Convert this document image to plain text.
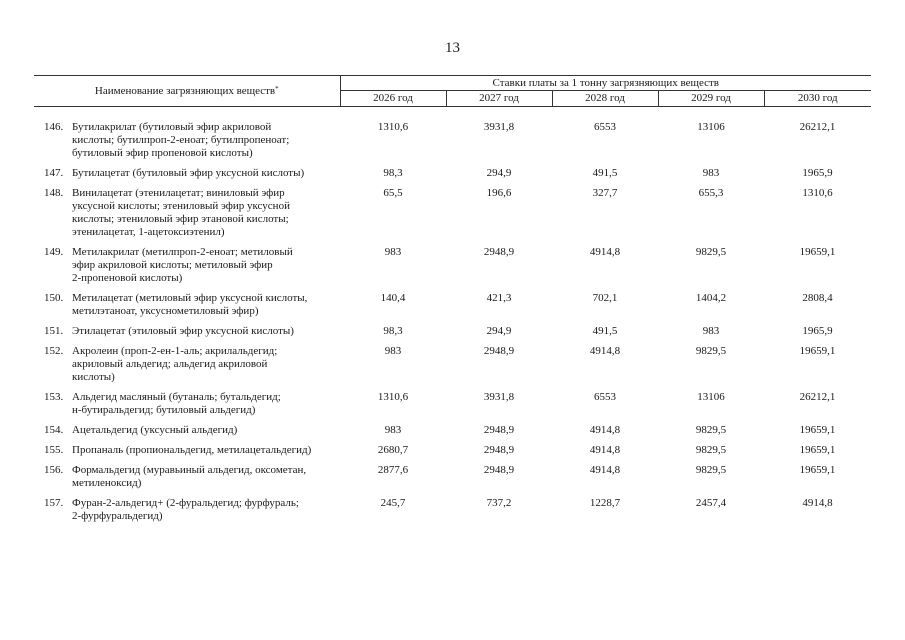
13
Наименование загрязняющих веществ*		Ставки платы за 1 тонну загрязняющих веществ				
		2026 год	2027 год	2028 год	2029 год	2030 год

146.	Бутилакрилат (бутиловый эфир акриловой
кислоты; бутилпроп-2-еноат; бутилпропеноат;
бутиловый эфир пропеновой кислоты)	1310,6	3931,8	6553	13106	26212,1
147.	Бутилацетат (бутиловый эфир уксусной кислоты)	98,3	294,9	491,5	983	1965,9
148.	Винилацетат (этенилацетат; виниловый эфир
уксусной кислоты; этениловый эфир уксусной
кислоты; этениловый эфир этановой кислоты;
этенилацетат, 1-ацетоксиэтенил)	65,5	196,6	327,7	655,3	1310,6
149.	Метилакрилат (метилпроп-2-еноат; метиловый
эфир акриловой кислоты; метиловый эфир
2-пропеновой кислоты)	983	2948,9	4914,8	9829,5	19659,1
150.	Метилацетат (метиловый эфир уксусной кислоты,
метилэтаноат, уксуснометиловый эфир)	140,4	421,3	702,1	1404,2	2808,4
151.	Этилацетат (этиловый эфир уксусной кислоты)	98,3	294,9	491,5	983	1965,9
152.	Акролеин (проп-2-ен-1-аль; акрилальдегид;
акриловый альдегид; альдегид акриловой
кислоты)	983	2948,9	4914,8	9829,5	19659,1
153.	Альдегид масляный (бутаналь; бутальдегид;
н-бутиральдегид; бутиловый альдегид)	1310,6	3931,8	6553	13106	26212,1
154.	Ацетальдегид (уксусный альдегид)	983	2948,9	4914,8	9829,5	19659,1
155.	Пропаналь (пропиональдегид, метилацетальдегид)	2680,7	2948,9	4914,8	9829,5	19659,1
156.	Формальдегид (муравьиный альдегид, оксометан,
метиленоксид)	2877,6	2948,9	4914,8	9829,5	19659,1
157.	Фуран-2-альдегид+ (2-фуральдегид; фурфураль;
2-фурфуральдегид)	245,7	737,2	1228,7	2457,4	4914,8
